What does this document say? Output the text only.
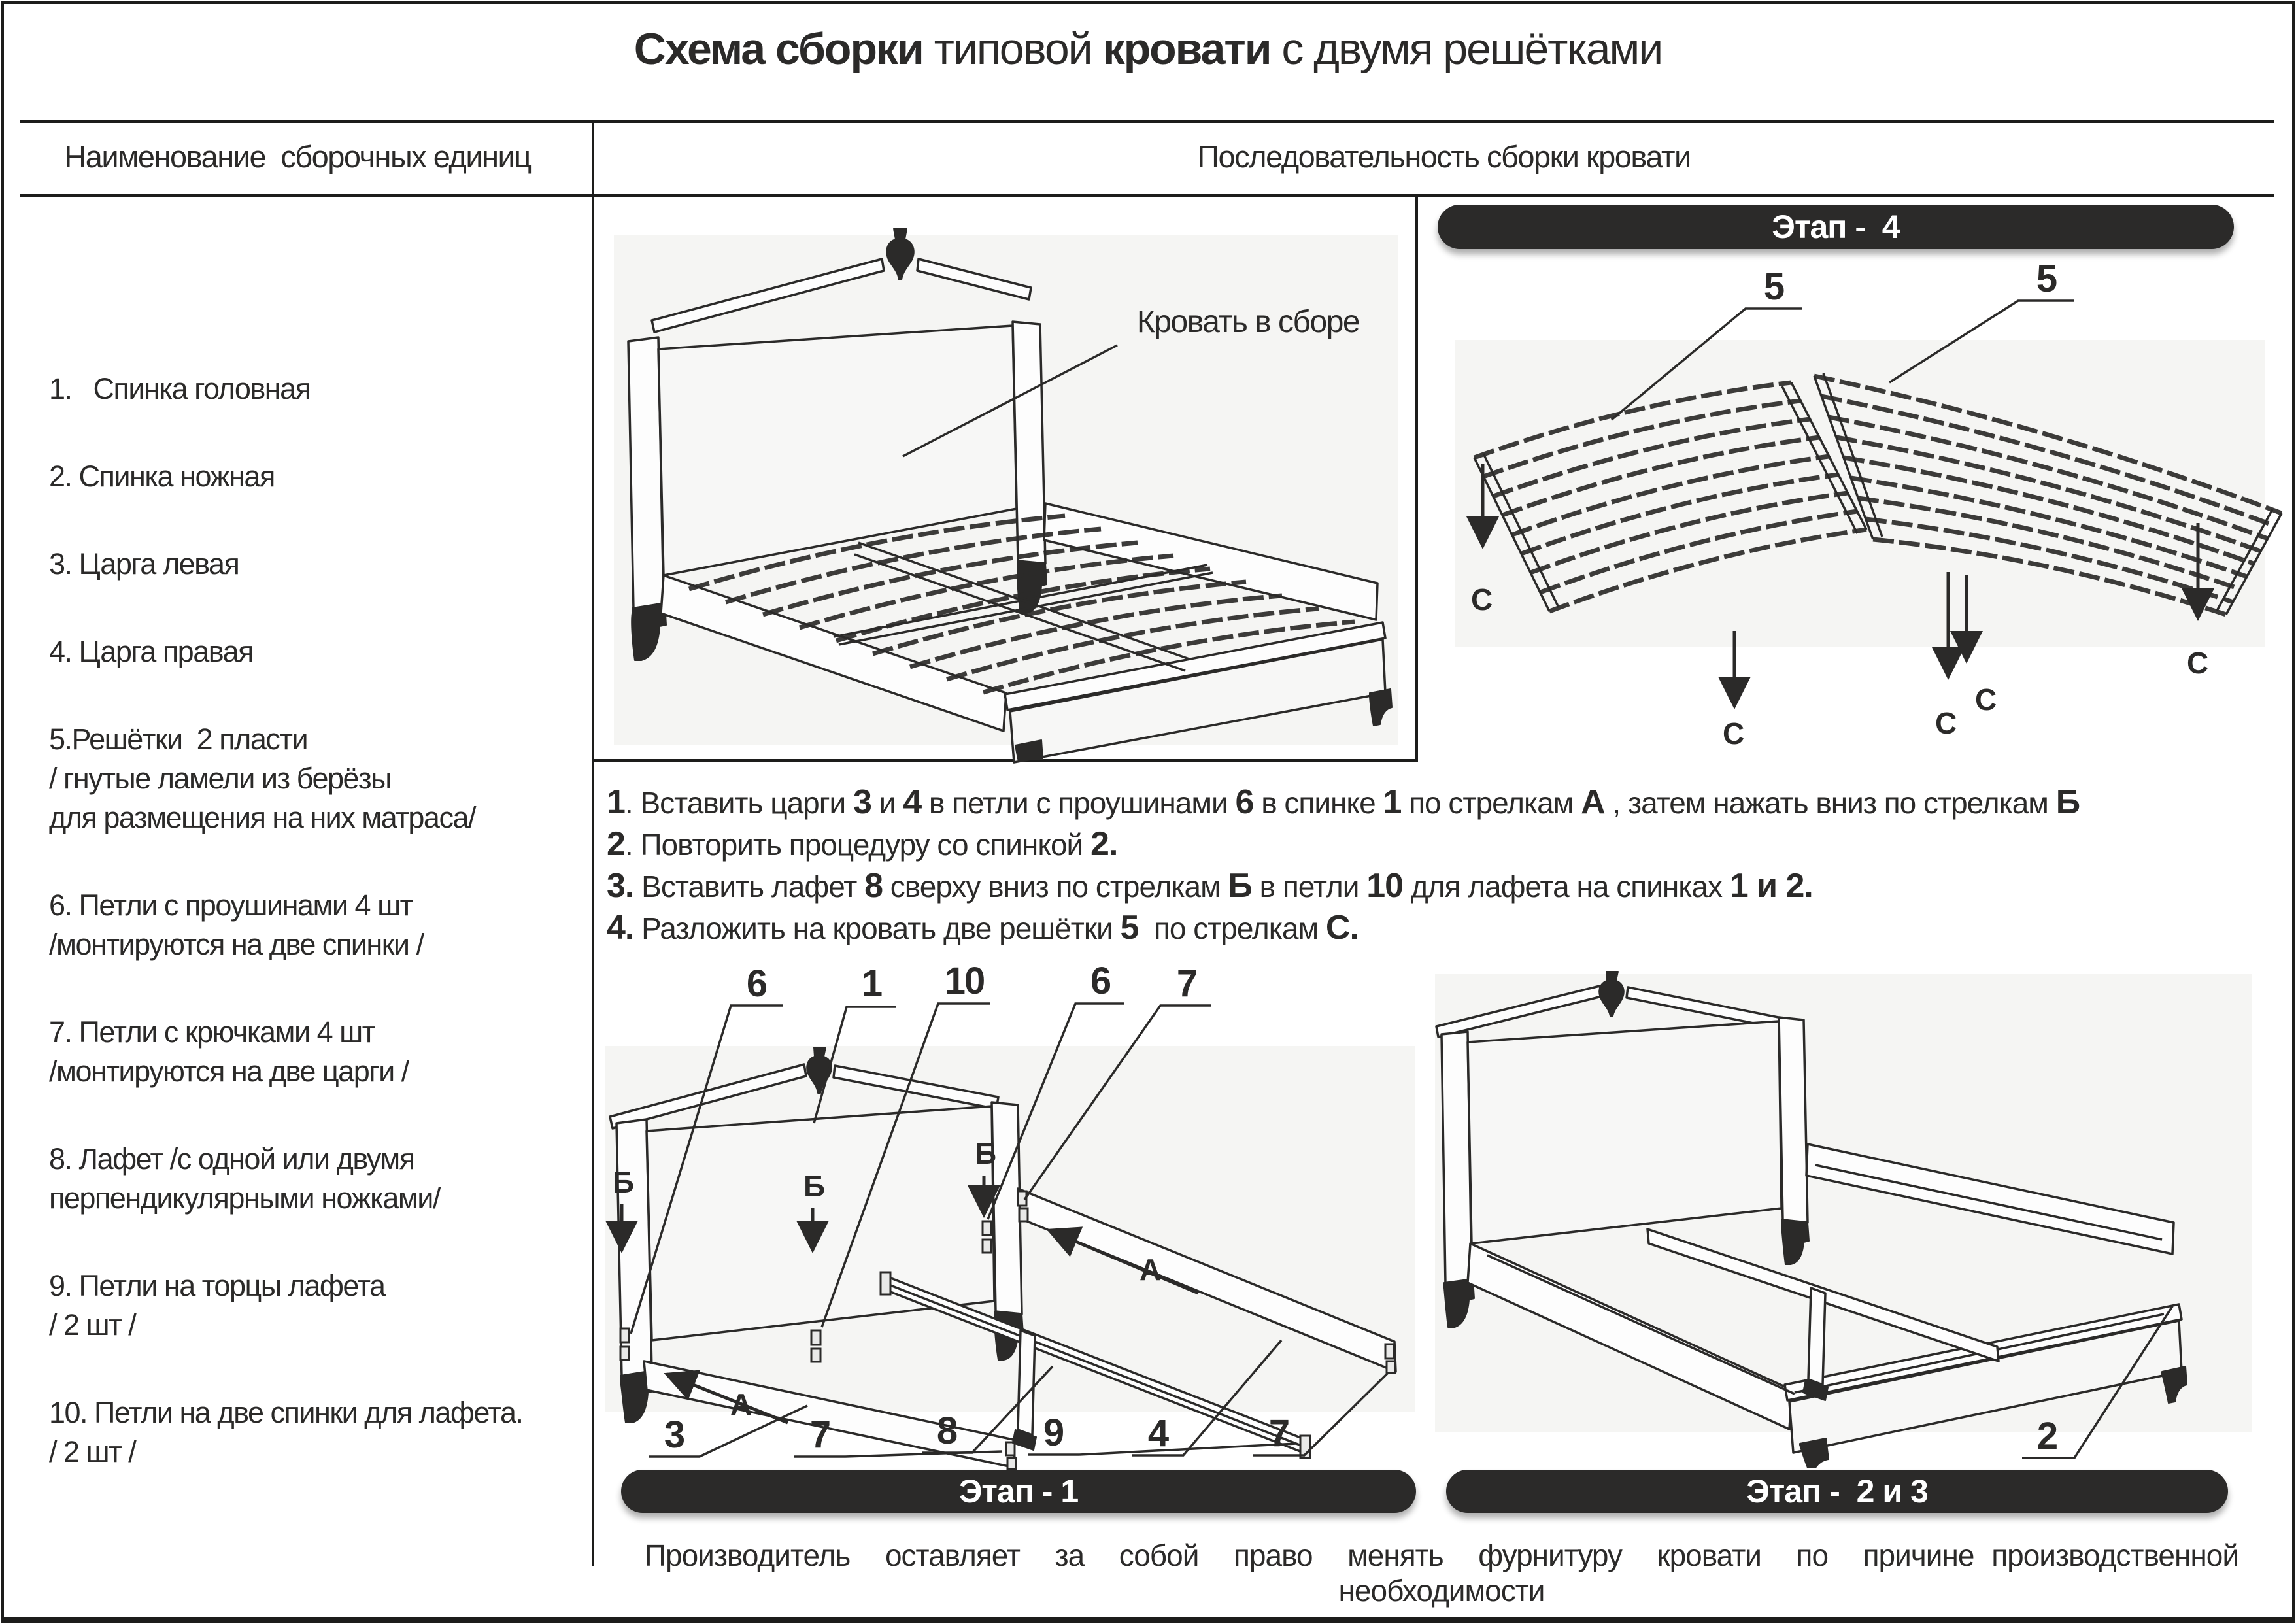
Схема сборки типовой кровати с двумя решётками
Наименование  сборочных единиц	Последовательность сборки кровати
1.   Спинка головная
2. Спинка ножная
3. Царга левая
4. Царга правая
5.Решётки  2 пласти
/ гнутые ламели из берёзы
для размещения на них матраса/
6. Петли с проушинами 4 шт
/монтируются на две спинки /
7. Петли с крючками 4 шт
/монтируются на две царги /
8. Лафет /с одной или двумя
перпендикулярными ножками/
9. Петли на торцы лафета
/ 2 шт /
10. Петли на две спинки для лафета.
/ 2 шт /
Кровать в сборе
5	5
С
С	С
С
С
1. Вставить царги 3 и 4 в петли с проушинами 6 в спинке 1 по стрелкам А , затем нажать вниз по стрелкам Б
2. Повторить процедуру со спинкой 2.
3. Вставить лафет 8 сверху вниз по стрелкам Б в петли 10 для лафета на спинках 1 и 2.
4. Разложить на кровать две решётки 5  по стрелкам С.
6	1 10	6 7
Б	Б
Б
А
А
3	7	8 9 4	7	2
Этап -  4
Этап - 1	Этап -  2 и 3
Производитель  оставляет  за  собой  право  менять  фурнитуру  кровати  по  причине производственной необходимости
